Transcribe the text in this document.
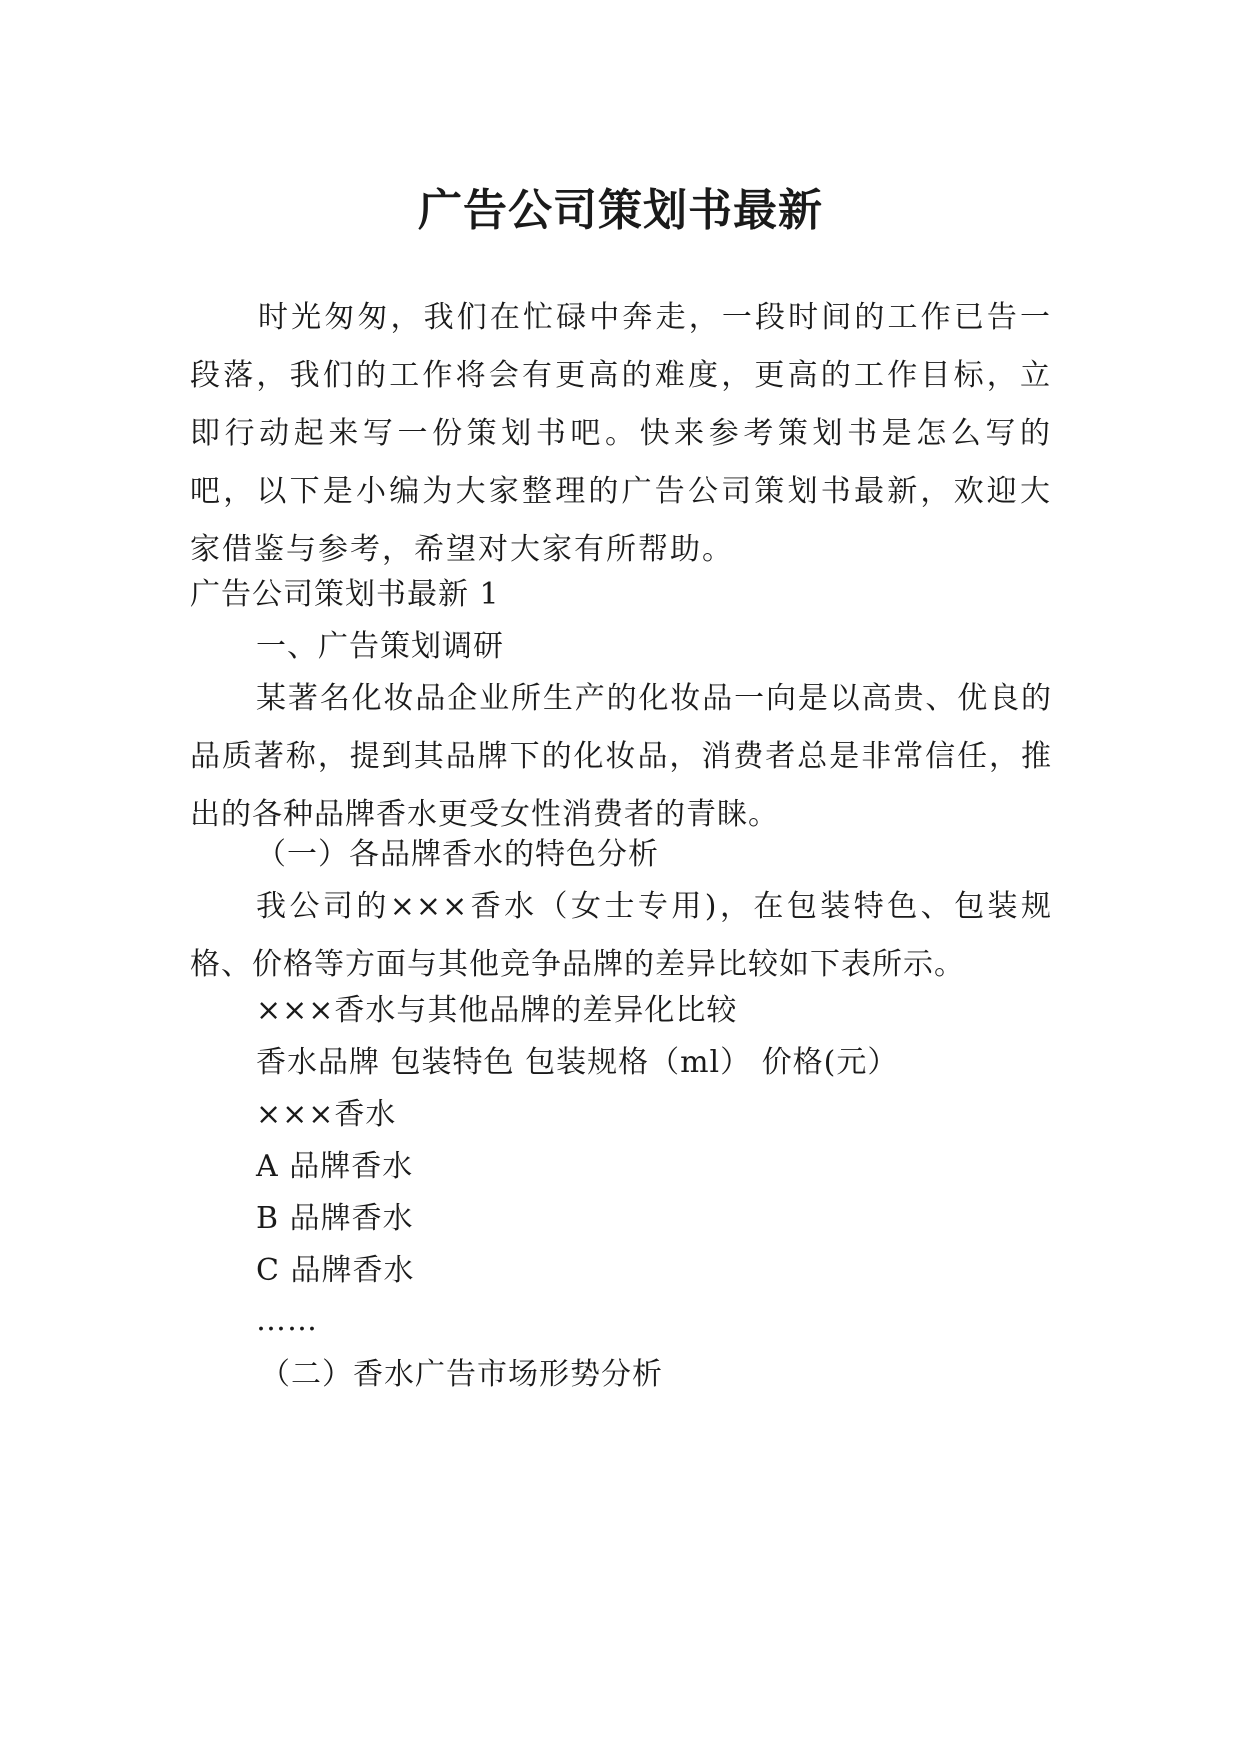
广告公司策划书最新

时光匆匆，我们在忙碌中奔走，一段时间的工作已告一段落，我们的工作将会有更高的难度，更高的工作目标，立即行动起来写一份策划书吧。快来参考策划书是怎么写的吧，以下是小编为大家整理的广告公司策划书最新，欢迎大家借鉴与参考，希望对大家有所帮助。

广告公司策划书最新 1

一、广告策划调研

某著名化妆品企业所生产的化妆品一向是以高贵、优良的品质著称，提到其品牌下的化妆品，消费者总是非常信任，推出的各种品牌香水更受女性消费者的青睐。

（一）各品牌香水的特色分析

我公司的×××香水（女士专用)，在包装特色、包装规格、价格等方面与其他竞争品牌的差异比较如下表所示。

×××香水与其他品牌的差异化比较

香水品牌 包装特色 包装规格（ml） 价格(元）

×××香水

A 品牌香水

B 品牌香水

C 品牌香水

……

（二）香水广告市场形势分析
